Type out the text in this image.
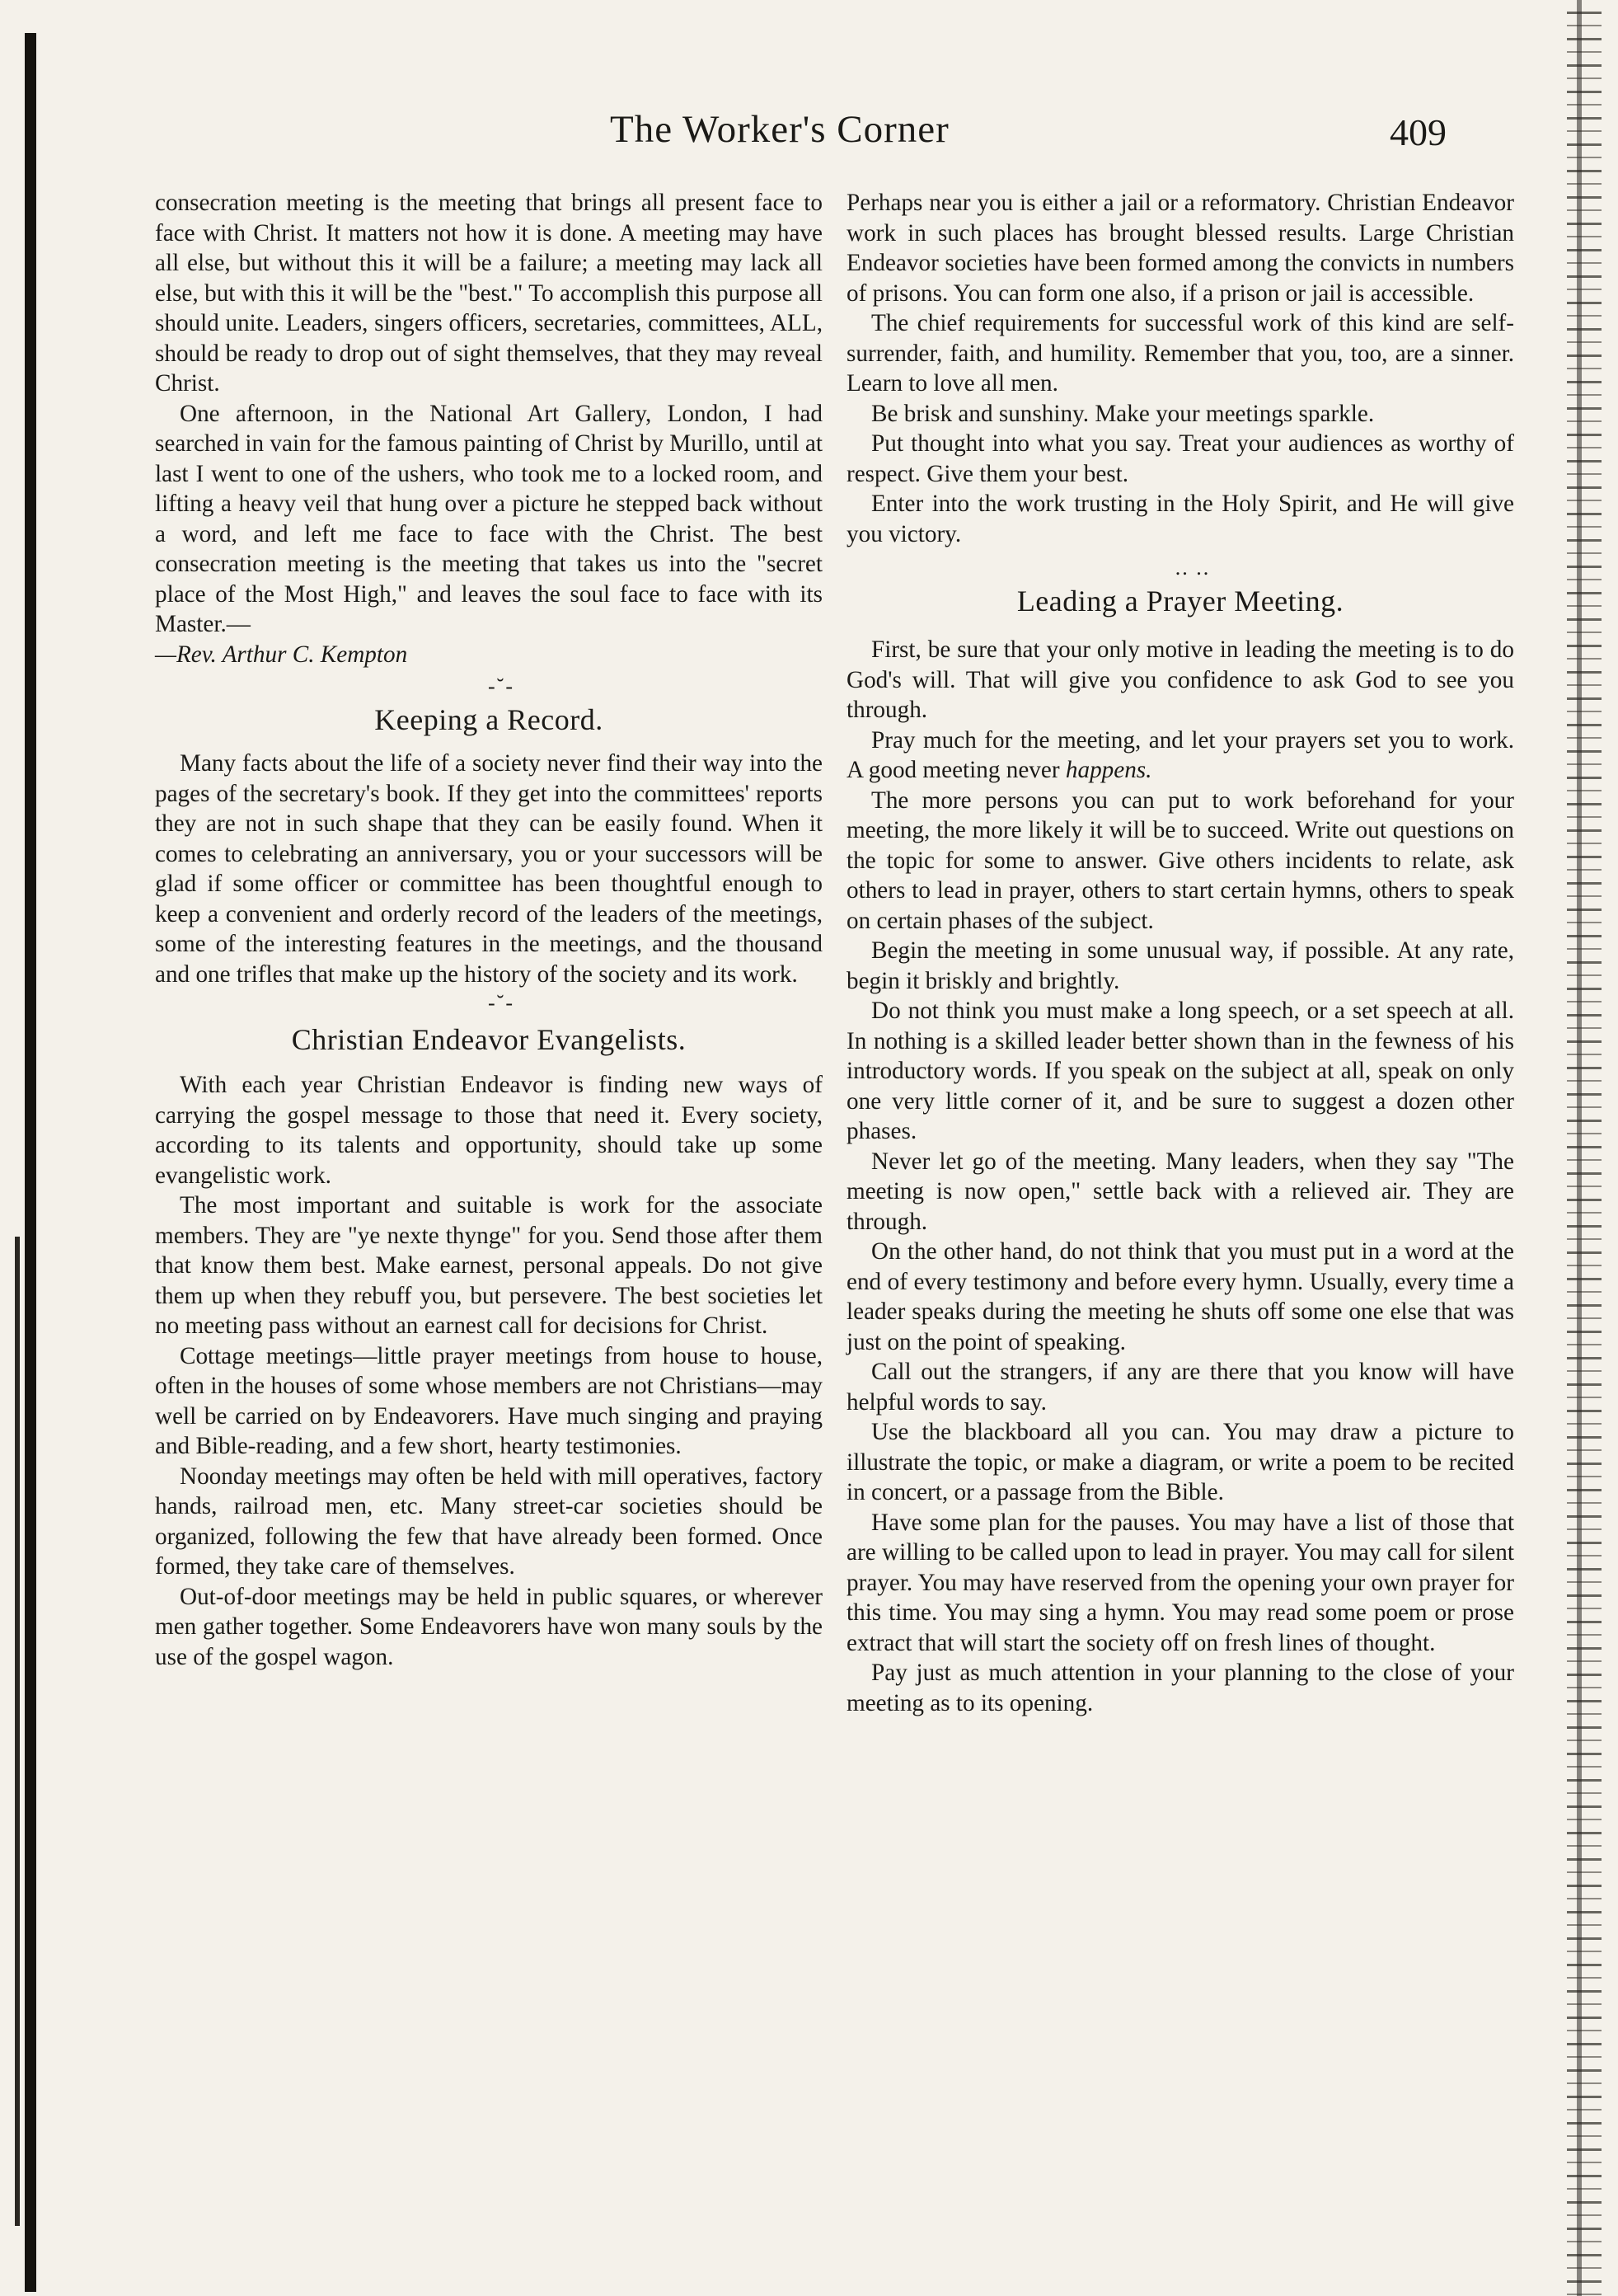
The Worker's Corner	409

consecration meeting is the meeting that brings all present face to face with Christ. It matters not how it is done. A meeting may have all else, but without this it will be a failure; a meeting may lack all else, but with this it will be the "best." To accomplish this purpose all should unite. Leaders, singers officers, secretaries, committees, ALL, should be ready to drop out of sight themselves, that they may reveal Christ.

One afternoon, in the National Art Gallery, London, I had searched in vain for the famous painting of Christ by Murillo, until at last I went to one of the ushers, who took me to a locked room, and lifting a heavy veil that hung over a picture he stepped back without a word, and left me face to face with the Christ. The best consecration meeting is the meeting that takes us into the "secret place of the Most High," and leaves the soul face to face with its Master.—

—Rev. Arthur C. Kempton

-˘-

Keeping a Record.

Many facts about the life of a society never find their way into the pages of the secretary's book. If they get into the committees' reports they are not in such shape that they can be easily found. When it comes to celebrating an anniversary, you or your successors will be glad if some officer or committee has been thoughtful enough to keep a convenient and orderly record of the leaders of the meetings, some of the interesting features in the meetings, and the thousand and one trifles that make up the history of the society and its work.

-˘-

Christian Endeavor Evangelists.

With each year Christian Endeavor is finding new ways of carrying the gospel message to those that need it. Every society, according to its talents and opportunity, should take up some evangelistic work.

The most important and suitable is work for the associate members. They are "ye nexte thynge" for you. Send those after them that know them best. Make earnest, personal appeals. Do not give them up when they rebuff you, but persevere. The best societies let no meeting pass without an earnest call for decisions for Christ.

Cottage meetings—little prayer meetings from house to house, often in the houses of some whose members are not Christians—may well be carried on by Endeavorers. Have much singing and praying and Bible-reading, and a few short, hearty testimonies.

Noonday meetings may often be held with mill operatives, factory hands, railroad men, etc. Many street-car societies should be organized, following the few that have already been formed. Once formed, they take care of themselves.

Out-of-door meetings may be held in public squares, or wherever men gather together. Some Endeavorers have won many souls by the use of the gospel wagon.

Perhaps near you is either a jail or a reformatory. Christian Endeavor work in such places has brought blessed results. Large Christian Endeavor societies have been formed among the convicts in numbers of prisons. You can form one also, if a prison or jail is accessible.

The chief requirements for successful work of this kind are self-surrender, faith, and humility. Remember that you, too, are a sinner. Learn to love all men.

Be brisk and sunshiny. Make your meetings sparkle.

Put thought into what you say. Treat your audiences as worthy of respect. Give them your best.

Enter into the work trusting in the Holy Spirit, and He will give you victory.

.. ..

Leading a Prayer Meeting.

First, be sure that your only motive in leading the meeting is to do God's will. That will give you confidence to ask God to see you through.

Pray much for the meeting, and let your prayers set you to work. A good meeting never happens.

The more persons you can put to work beforehand for your meeting, the more likely it will be to succeed. Write out questions on the topic for some to answer. Give others incidents to relate, ask others to lead in prayer, others to start certain hymns, others to speak on certain phases of the subject.

Begin the meeting in some unusual way, if possible. At any rate, begin it briskly and brightly.

Do not think you must make a long speech, or a set speech at all. In nothing is a skilled leader better shown than in the fewness of his introductory words. If you speak on the subject at all, speak on only one very little corner of it, and be sure to suggest a dozen other phases.

Never let go of the meeting. Many leaders, when they say "The meeting is now open," settle back with a relieved air. They are through.

On the other hand, do not think that you must put in a word at the end of every testimony and before every hymn. Usually, every time a leader speaks during the meeting he shuts off some one else that was just on the point of speaking.

Call out the strangers, if any are there that you know will have helpful words to say.

Use the blackboard all you can. You may draw a picture to illustrate the topic, or make a diagram, or write a poem to be recited in concert, or a passage from the Bible.

Have some plan for the pauses. You may have a list of those that are willing to be called upon to lead in prayer. You may call for silent prayer. You may have reserved from the opening your own prayer for this time. You may sing a hymn. You may read some poem or prose extract that will start the society off on fresh lines of thought.

Pay just as much attention in your planning to the close of your meeting as to its opening.
